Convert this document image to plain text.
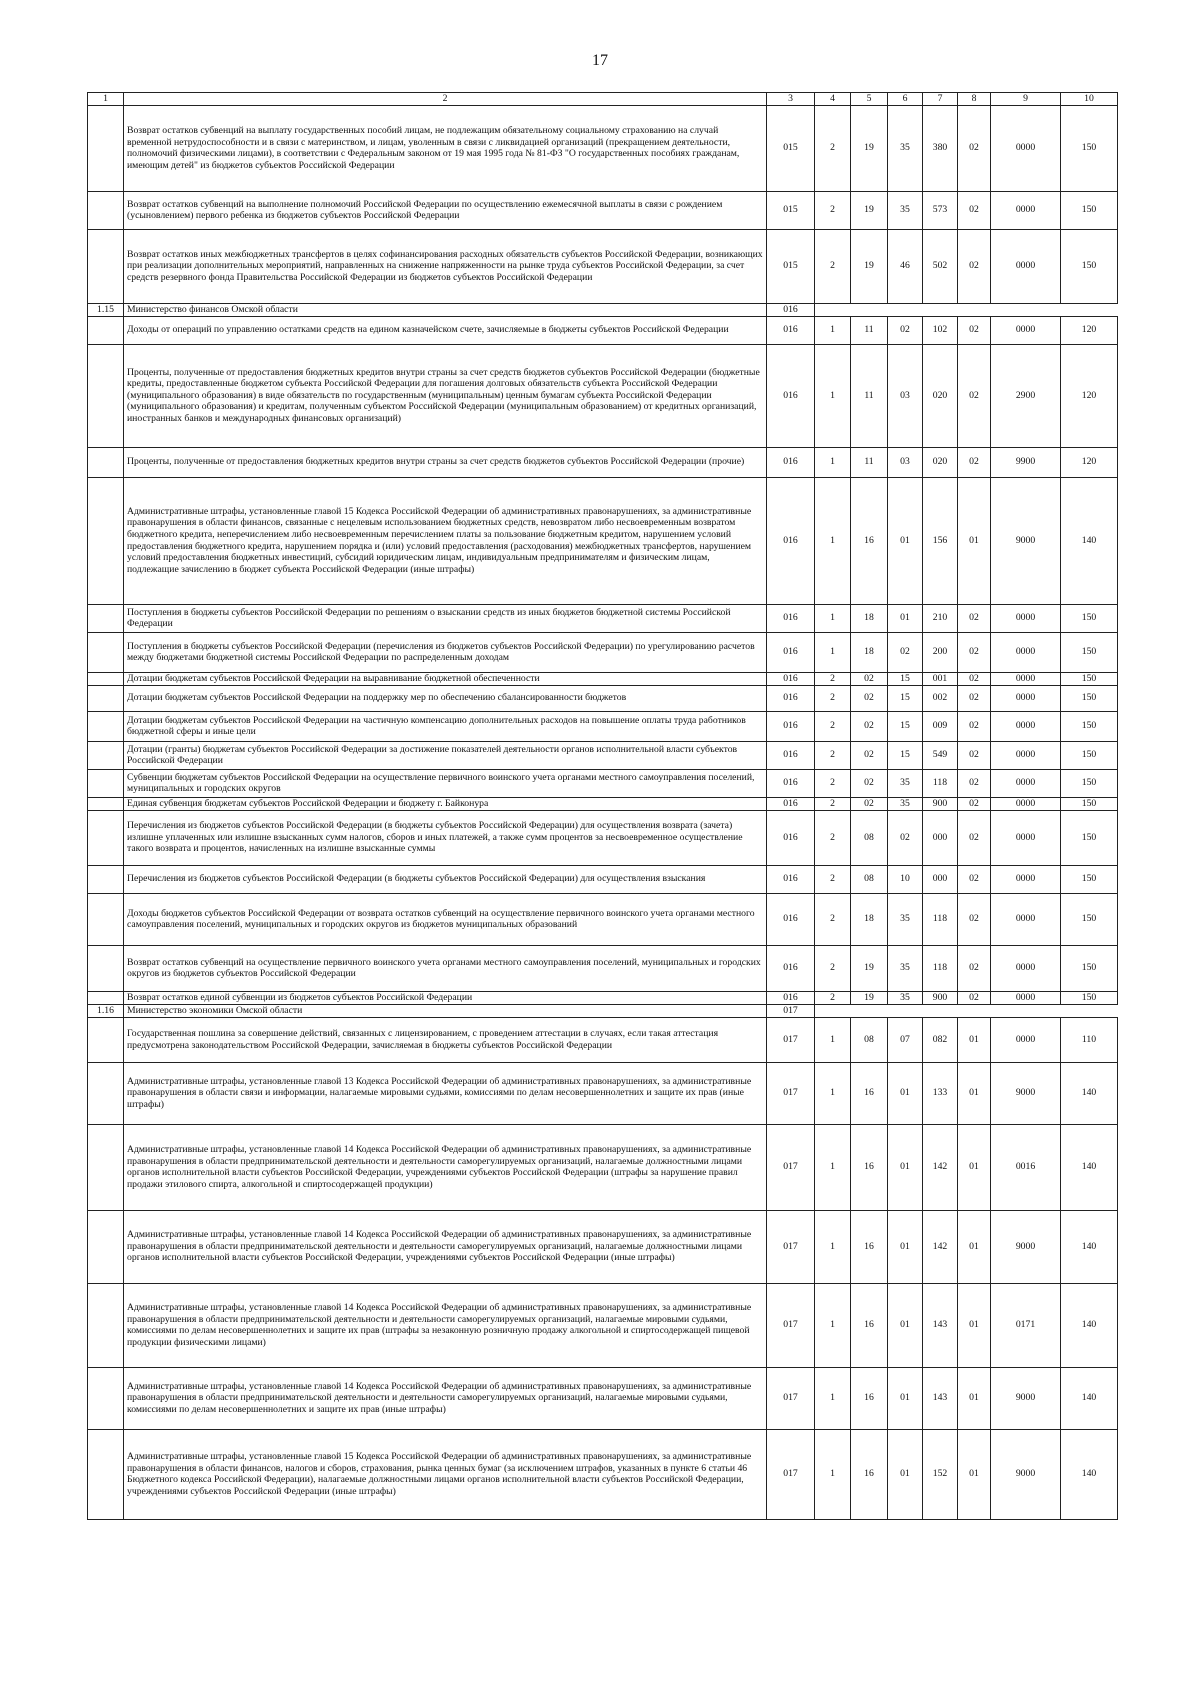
17
1	2	3	4	5	6	7	8	9	10
	Возврат остатков субвенций на выплату государственных пособий лицам, не подлежащим обязательному социальному страхованию на случай временной нетрудоспособности и в связи с материнством, и лицам, уволенным в связи с ликвидацией организаций (прекращением деятельности, полномочий физическими лицами), в соответствии с Федеральным законом от 19 мая 1995 года № 81-ФЗ "О государственных пособиях гражданам, имеющим детей" из бюджетов субъектов Российской Федерации	015	2	19	35	380	02	0000	150
	Возврат остатков субвенций на выполнение полномочий Российской Федерации по осуществлению ежемесячной выплаты в связи с рождением (усыновлением) первого ребенка из бюджетов субъектов Российской Федерации	015	2	19	35	573	02	0000	150
	Возврат остатков иных межбюджетных трансфертов в целях софинансирования расходных обязательств субъектов Российской Федерации, возникающих при реализации дополнительных мероприятий, направленных на снижение напряженности на рынке труда субъектов Российской Федерации, за счет средств резервного фонда Правительства Российской Федерации из бюджетов субъектов Российской Федерации	015	2	19	46	502	02	0000	150
1.15	Министерство финансов Омской области	016							
	Доходы от операций по управлению остатками средств на едином казначейском счете, зачисляемые в бюджеты субъектов Российской Федерации	016	1	11	02	102	02	0000	120
	Проценты, полученные от предоставления бюджетных кредитов внутри страны за счет средств бюджетов субъектов Российской Федерации (бюджетные кредиты, предоставленные бюджетом субъекта Российской Федерации для погашения долговых обязательств субъекта Российской Федерации (муниципального образования) в виде обязательств по государственным (муниципальным) ценным бумагам субъекта Российской Федерации (муниципального образования) и кредитам, полученным субъектом Российской Федерации (муниципальным образованием) от кредитных организаций, иностранных банков и международных финансовых организаций)	016	1	11	03	020	02	2900	120
	Проценты, полученные от предоставления бюджетных кредитов внутри страны за счет средств бюджетов субъектов Российской Федерации (прочие)	016	1	11	03	020	02	9900	120
	Административные штрафы, установленные главой 15 Кодекса Российской Федерации об административных правонарушениях, за административные правонарушения в области финансов, связанные с нецелевым использованием бюджетных средств, невозвратом либо несвоевременным возвратом бюджетного кредита, неперечислением либо несвоевременным перечислением платы за пользование бюджетным кредитом, нарушением условий предоставления бюджетного кредита, нарушением порядка и (или) условий предоставления (расходования) межбюджетных трансфертов, нарушением условий предоставления бюджетных инвестиций, субсидий юридическим лицам, индивидуальным предпринимателям и физическим лицам, подлежащие зачислению в бюджет субъекта Российской Федерации (иные штрафы)	016	1	16	01	156	01	9000	140
	Поступления в бюджеты субъектов Российской Федерации по решениям о взыскании средств из иных бюджетов бюджетной системы Российской Федерации	016	1	18	01	210	02	0000	150
	Поступления в бюджеты субъектов Российской Федерации (перечисления из бюджетов субъектов Российской Федерации) по урегулированию расчетов между бюджетами бюджетной системы Российской Федерации по распределенным доходам	016	1	18	02	200	02	0000	150
	Дотации бюджетам субъектов Российской Федерации на выравнивание бюджетной обеспеченности	016	2	02	15	001	02	0000	150
	Дотации бюджетам субъектов Российской Федерации на поддержку мер по обеспечению сбалансированности бюджетов	016	2	02	15	002	02	0000	150
	Дотации бюджетам субъектов Российской Федерации на частичную компенсацию дополнительных расходов на повышение оплаты труда работников бюджетной сферы и иные цели	016	2	02	15	009	02	0000	150
	Дотации (гранты) бюджетам субъектов Российской Федерации за достижение показателей деятельности органов исполнительной власти субъектов Российской Федерации	016	2	02	15	549	02	0000	150
	Субвенции бюджетам субъектов Российской Федерации на осуществление первичного воинского учета органами местного самоуправления поселений, муниципальных и городских округов	016	2	02	35	118	02	0000	150
	Единая субвенция бюджетам субъектов Российской Федерации и бюджету г. Байконура	016	2	02	35	900	02	0000	150
	Перечисления из бюджетов субъектов Российской Федерации (в бюджеты субъектов Российской Федерации) для осуществления возврата (зачета) излишне уплаченных или излишне взысканных сумм налогов, сборов и иных платежей, а также сумм процентов за несвоевременное осуществление такого возврата и процентов, начисленных на излишне взысканные суммы	016	2	08	02	000	02	0000	150
	Перечисления из бюджетов субъектов Российской Федерации (в бюджеты субъектов Российской Федерации) для осуществления взыскания	016	2	08	10	000	02	0000	150
	Доходы бюджетов субъектов Российской Федерации от возврата остатков субвенций на осуществление первичного воинского учета органами местного самоуправления поселений, муниципальных и городских округов из бюджетов муниципальных образований	016	2	18	35	118	02	0000	150
	Возврат остатков субвенций на осуществление первичного воинского учета органами местного самоуправления поселений, муниципальных и городских округов из бюджетов субъектов Российской Федерации	016	2	19	35	118	02	0000	150
	Возврат остатков единой субвенции из бюджетов субъектов Российской Федерации	016	2	19	35	900	02	0000	150
1.16	Министерство экономики Омской области	017							
	Государственная пошлина за совершение действий, связанных с лицензированием, с проведением аттестации в случаях, если такая аттестация предусмотрена законодательством Российской Федерации, зачисляемая в бюджеты субъектов Российской Федерации	017	1	08	07	082	01	0000	110
	Административные штрафы, установленные главой 13 Кодекса Российской Федерации об административных правонарушениях, за административные правонарушения в области связи и информации, налагаемые мировыми судьями, комиссиями по делам несовершеннолетних и защите их прав (иные штрафы)	017	1	16	01	133	01	9000	140
	Административные штрафы, установленные главой 14 Кодекса Российской Федерации об административных правонарушениях, за административные правонарушения в области предпринимательской деятельности и деятельности саморегулируемых организаций, налагаемые должностными лицами органов исполнительной власти субъектов Российской Федерации, учреждениями субъектов Российской Федерации (штрафы за нарушение правил продажи этилового спирта, алкогольной и спиртосодержащей продукции)	017	1	16	01	142	01	0016	140
	Административные штрафы, установленные главой 14 Кодекса Российской Федерации об административных правонарушениях, за административные правонарушения в области предпринимательской деятельности и деятельности саморегулируемых организаций, налагаемые должностными лицами органов исполнительной власти субъектов Российской Федерации, учреждениями субъектов Российской Федерации (иные штрафы)	017	1	16	01	142	01	9000	140
	Административные штрафы, установленные главой 14 Кодекса Российской Федерации об административных правонарушениях, за административные правонарушения в области предпринимательской деятельности и деятельности саморегулируемых организаций, налагаемые мировыми судьями, комиссиями по делам несовершеннолетних и защите их прав (штрафы за незаконную розничную продажу алкогольной и спиртосодержащей пищевой продукции физическими лицами)	017	1	16	01	143	01	0171	140
	Административные штрафы, установленные главой 14 Кодекса Российской Федерации об административных правонарушениях, за административные правонарушения в области предпринимательской деятельности и деятельности саморегулируемых организаций, налагаемые мировыми судьями, комиссиями по делам несовершеннолетних и защите их прав (иные штрафы)	017	1	16	01	143	01	9000	140
	Административные штрафы, установленные главой 15 Кодекса Российской Федерации об административных правонарушениях, за административные правонарушения в области финансов, налогов и сборов, страхования, рынка ценных бумаг (за исключением штрафов, указанных в пункте 6 статьи 46 Бюджетного кодекса Российской Федерации), налагаемые должностными лицами органов исполнительной власти субъектов Российской Федерации, учреждениями субъектов Российской Федерации (иные штрафы)	017	1	16	01	152	01	9000	140
